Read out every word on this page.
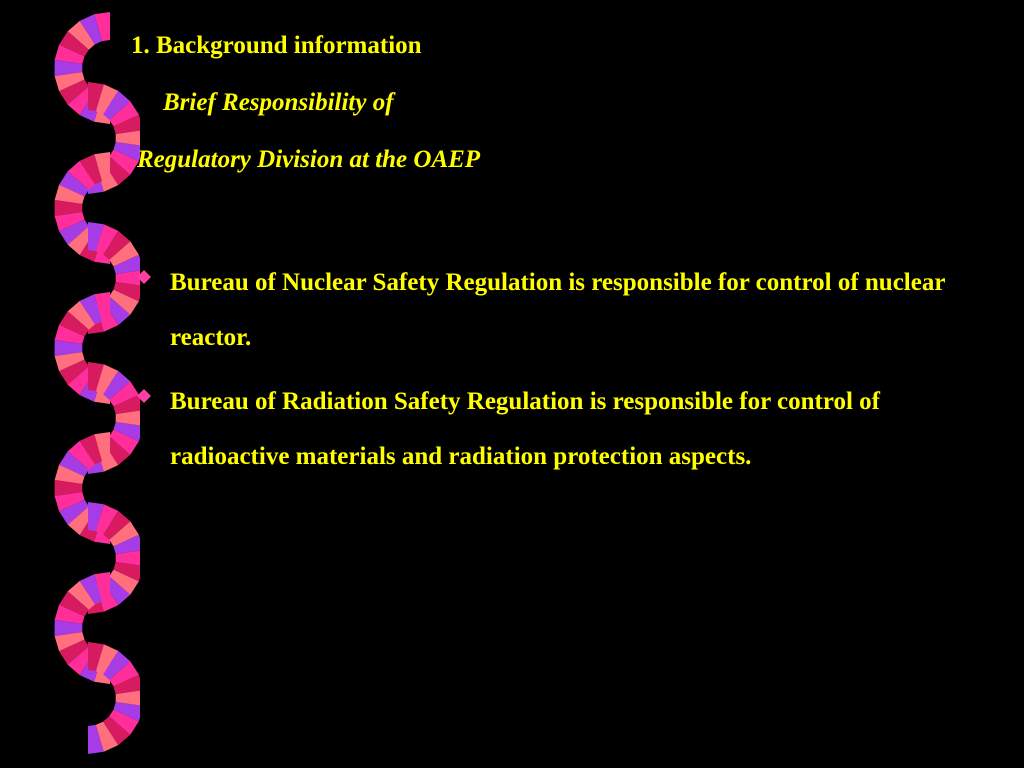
1. Background information

Brief Responsibility of

Regulatory Division at the OAEP

Bureau of Nuclear Safety Regulation is responsible for control of nuclear reactor.

Bureau of Radiation Safety Regulation is responsible for control of radioactive materials and radiation protection aspects.
